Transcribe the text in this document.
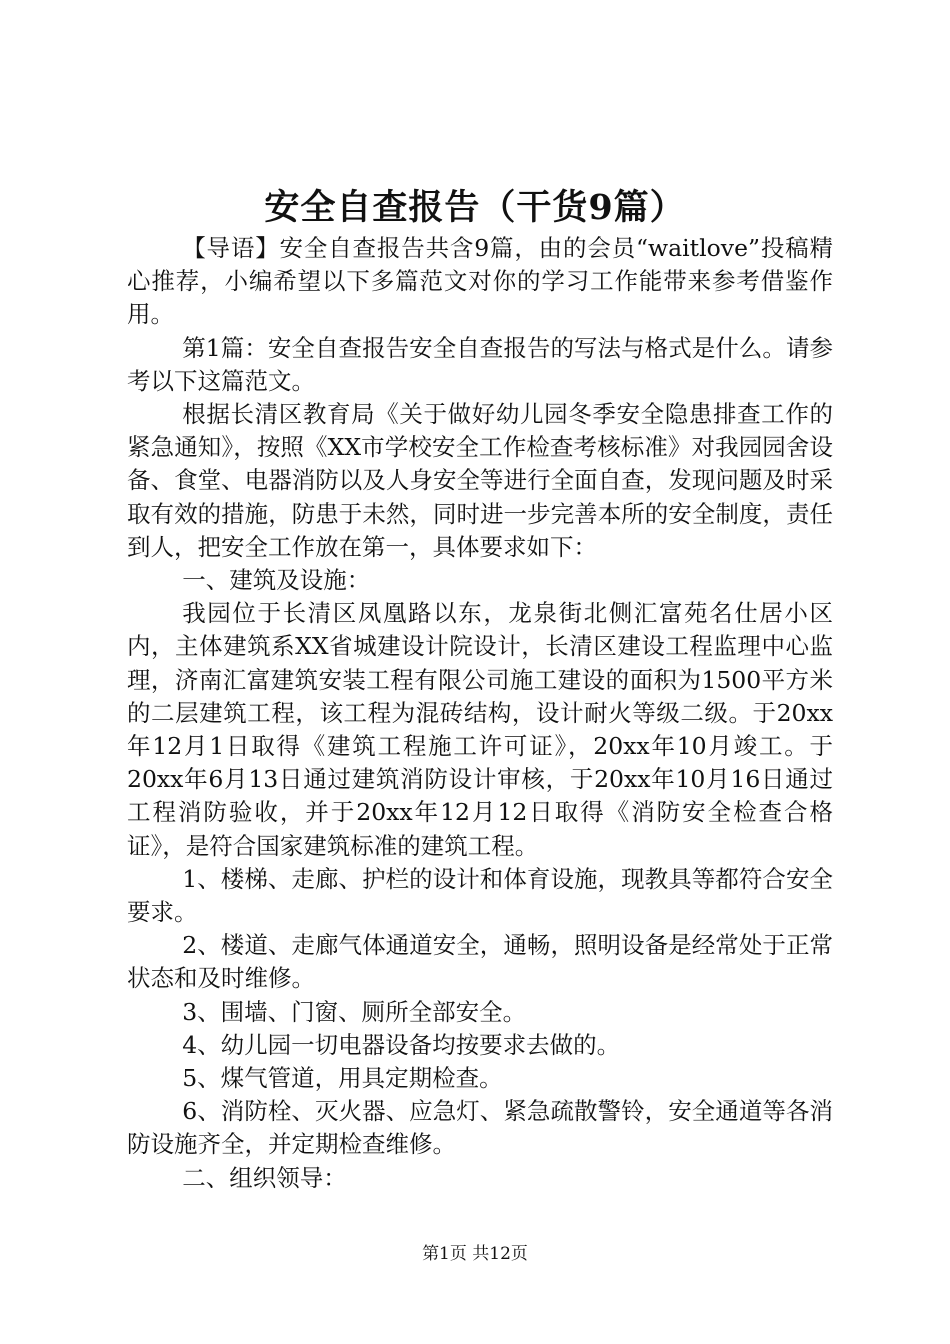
安全自查报告（干货9篇）

【导语】安全自查报告共含9篇，由的会员“waitlove”投稿精心推荐，小编希望以下多篇范文对你的学习工作能带来参考借鉴作用。

第1篇：安全自查报告安全自查报告的写法与格式是什么。请参考以下这篇范文。

根据长清区教育局《关于做好幼儿园冬季安全隐患排查工作的紧急通知》，按照《XX市学校安全工作检查考核标准》对我园园舍设备、食堂、电器消防以及人身安全等进行全面自查，发现问题及时采取有效的措施，防患于未然，同时进一步完善本所的安全制度，责任到人，把安全工作放在第一，具体要求如下：

一、建筑及设施：

我园位于长清区凤凰路以东，龙泉街北侧汇富苑名仕居小区内，主体建筑系XX省城建设计院设计，长清区建设工程监理中心监理，济南汇富建筑安装工程有限公司施工建设的面积为1500平方米的二层建筑工程，该工程为混砖结构，设计耐火等级二级。于20xx年12月1日取得《建筑工程施工许可证》，20xx年10月竣工。于20xx年6月13日通过建筑消防设计审核，于20xx年10月16日通过工程消防验收，并于20xx年12月12日取得《消防安全检查合格证》，是符合国家建筑标准的建筑工程。

1、楼梯、走廊、护栏的设计和体育设施，现教具等都符合安全要求。

2、楼道、走廊气体通道安全，通畅，照明设备是经常处于正常状态和及时维修。

3、围墙、门窗、厕所全部安全。

4、幼儿园一切电器设备均按要求去做的。

5、煤气管道，用具定期检查。

6、消防栓、灭火器、应急灯、紧急疏散警铃，安全通道等各消防设施齐全，并定期检查维修。

二、组织领导：

第1页 共12页
